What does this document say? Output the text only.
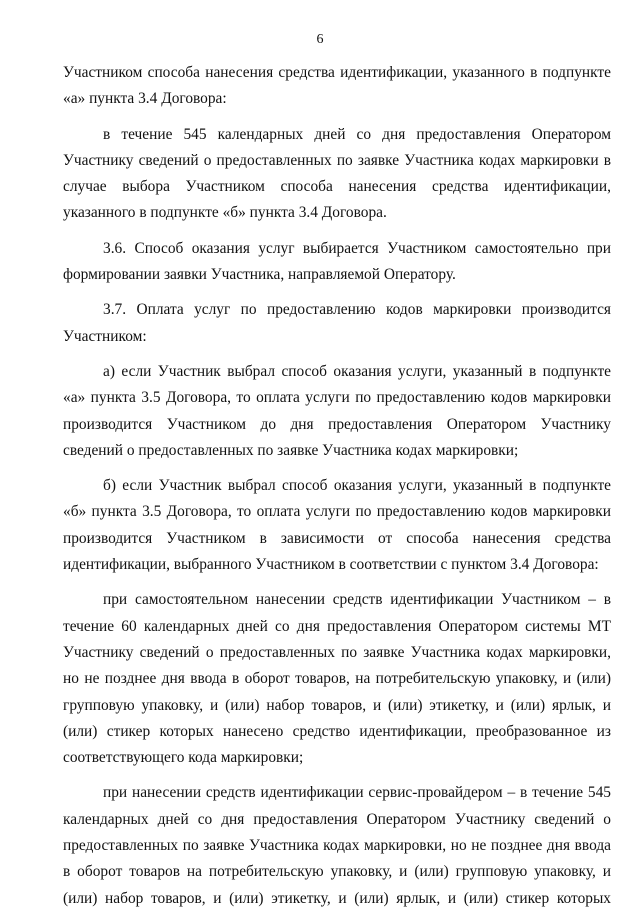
6

Участником способа нанесения средства идентификации, указанного в подпункте «а» пункта 3.4 Договора:

в течение 545 календарных дней со дня предоставления Оператором Участнику сведений о предоставленных по заявке Участника кодах маркировки в случае выбора Участником способа нанесения средства идентификации, указанного в подпункте «б» пункта 3.4 Договора.

3.6. Способ оказания услуг выбирается Участником самостоятельно при формировании заявки Участника, направляемой Оператору.

3.7. Оплата услуг по предоставлению кодов маркировки производится Участником:

а) если Участник выбрал способ оказания услуги, указанный в подпункте «а» пункта 3.5 Договора, то оплата услуги по предоставлению кодов маркировки производится Участником до дня предоставления Оператором Участнику сведений о предоставленных по заявке Участника кодах маркировки;

б) если Участник выбрал способ оказания услуги, указанный в подпункте «б» пункта 3.5 Договора, то оплата услуги по предоставлению кодов маркировки производится Участником в зависимости от способа нанесения средства идентификации, выбранного Участником в соответствии с пунктом 3.4 Договора:

при самостоятельном нанесении средств идентификации Участником – в течение 60 календарных дней со дня предоставления Оператором системы МТ Участнику сведений о предоставленных по заявке Участника кодах маркировки, но не позднее дня ввода в оборот товаров, на потребительскую упаковку, и (или) групповую упаковку, и (или) набор товаров, и (или) этикетку, и (или) ярлык, и (или) стикер которых нанесено средство идентификации, преобразованное из соответствующего кода маркировки;

при нанесении средств идентификации сервис-провайдером – в течение 545 календарных дней со дня предоставления Оператором Участнику сведений о предоставленных по заявке Участника кодах маркировки, но не позднее дня ввода в оборот товаров на потребительскую упаковку, и (или) групповую упаковку, и (или) набор товаров, и (или) этикетку, и (или) ярлык, и (или) стикер которых
